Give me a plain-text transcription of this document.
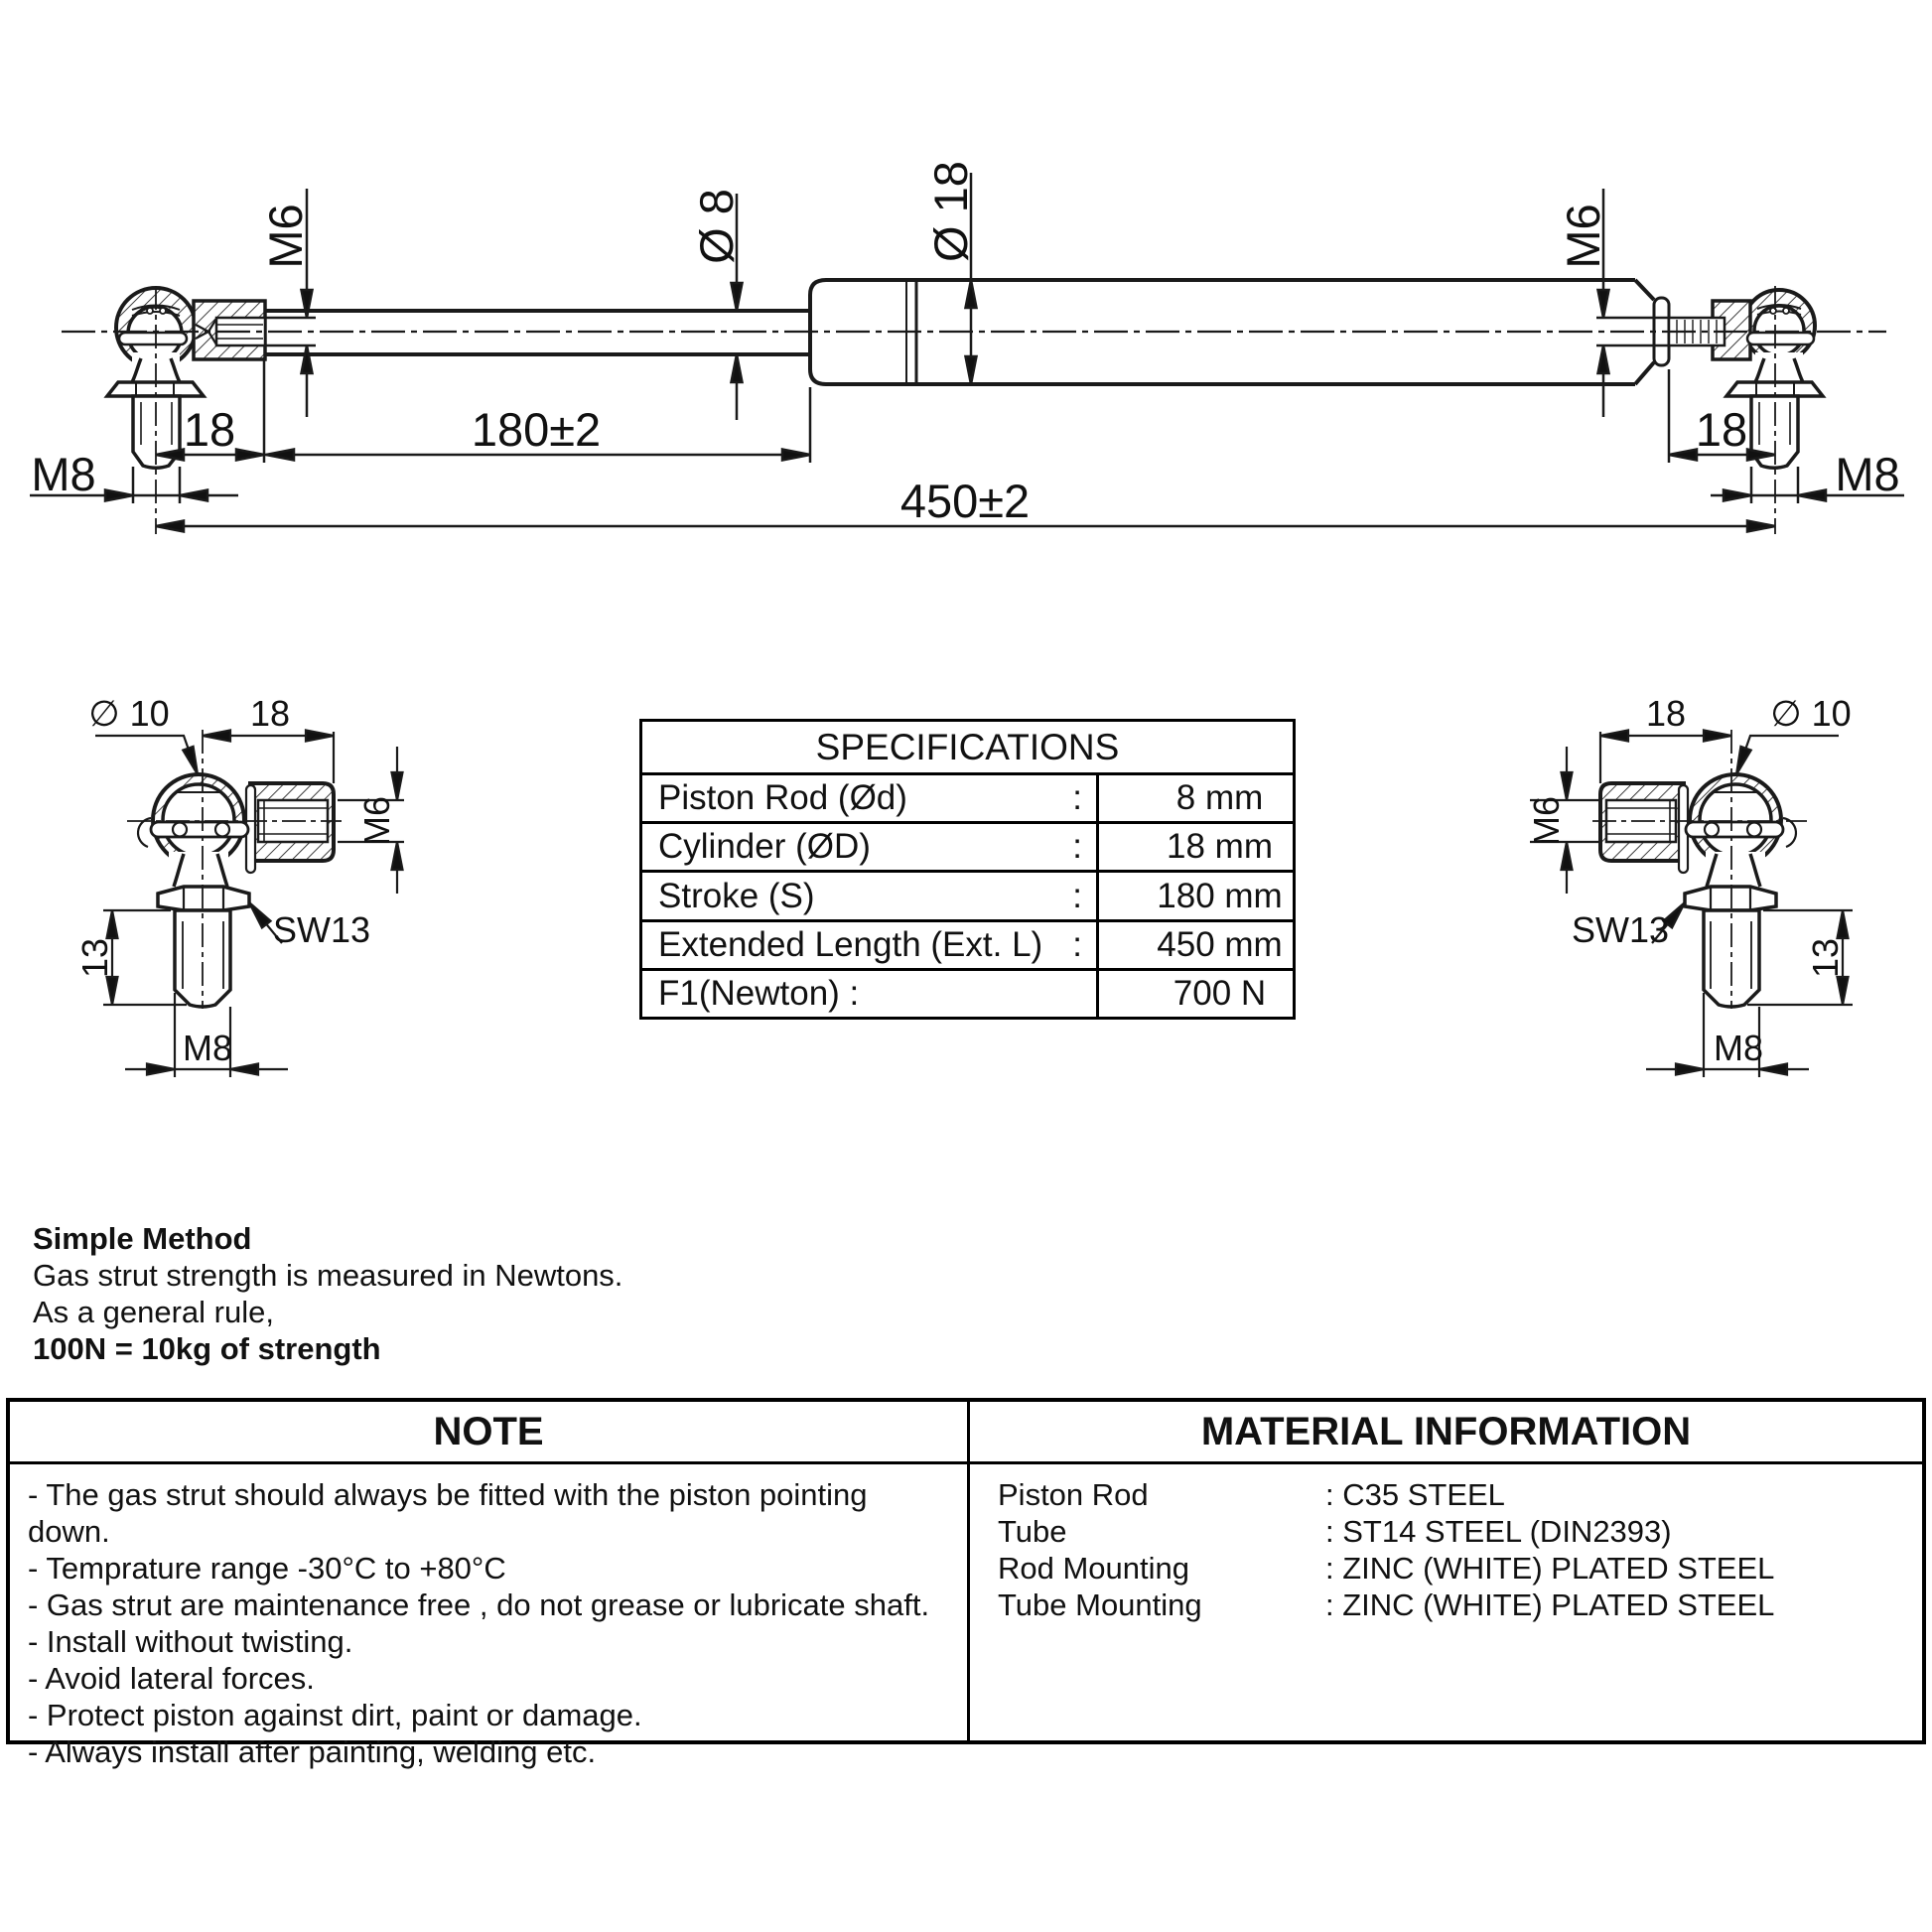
M6	Ø 8	Ø 18	M6
18	180±2
450±2
M8
18
M8
∅ 10 18
M6
SW13
13
M8
18 ∅ 10
M6
SW13
13
M8
SPECIFICATIONS
Piston Rod (Ød)	:	8 mm
Cylinder (ØD)	:	18 mm
Stroke (S)	:	180 mm
Extended Length (Ext. L) :	450 mm
F1(Newton) :	700 N
Simple Method
Gas strut strength is measured in Newtons.
As a general rule,
100N = 10kg of strength
NOTE
- The gas strut should always be fitted with the piston pointing down.
- Temprature range -30°C to +80°C
- Gas strut are maintenance free , do not grease or lubricate shaft.
- Install without twisting.
- Avoid lateral forces.
- Protect piston against dirt, paint or damage.
- Always install after painting, welding etc.
MATERIAL INFORMATION
Piston Rod	: C35 STEEL
Tube	: ST14 STEEL (DIN2393)
Rod Mounting	: ZINC (WHITE) PLATED STEEL
Tube Mounting	: ZINC (WHITE) PLATED STEEL
